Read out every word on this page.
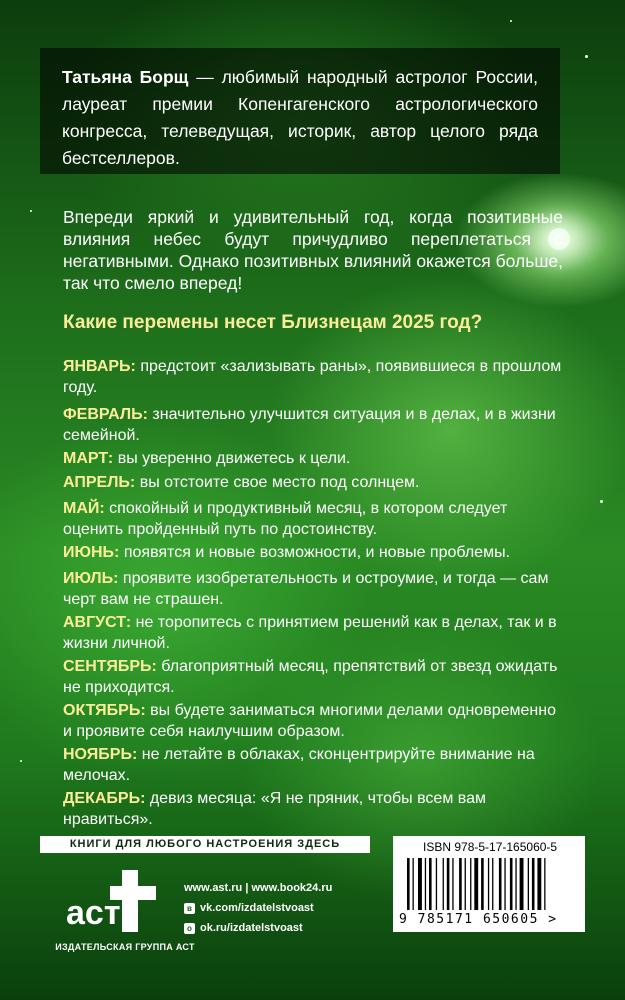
Татьяна Борщ — любимый народный астролог России, лауреат премии Копенгагенского астрологического конгресса, телеведущая, историк, автор целого ряда бестселлеров.
Впереди яркий и удивительный год, когда позитивные влияния небес будут причудливо переплетаться с негативными. Однако позитивных влияний окажется больше, так что смело вперед!
Какие перемены несет Близнецам 2025 год?
ЯНВАРЬ: предстоит «зализывать раны», появившиеся в прошлом году.
ФЕВРАЛЬ: значительно улучшится ситуация и в делах, и в жизни семейной.
МАРТ: вы уверенно движетесь к цели.
АПРЕЛЬ: вы отстоите свое место под солнцем.
МАЙ: спокойный и продуктивный месяц, в котором следует оценить пройденный путь по достоинству.
ИЮНЬ: появятся и новые возможности, и новые проблемы.
ИЮЛЬ: проявите изобретательность и остроумие, и тогда — сам черт вам не страшен.
АВГУСТ: не торопитесь с принятием решений как в делах, так и в жизни личной.
СЕНТЯБРЬ: благоприятный месяц, препятствий от звезд ожидать не приходится.
ОКТЯБРЬ: вы будете заниматься многими делами одновременно и проявите себя наилучшим образом.
НОЯБРЬ: не летайте в облаках, сконцентрируйте внимание на мелочах.
ДЕКАБРЬ: девиз месяца: «Я не пряник, чтобы всем вам нравиться».
КНИГИ ДЛЯ ЛЮБОГО НАСТРОЕНИЯ ЗДЕСЬ
аст
ИЗДАТЕЛЬСКАЯ ГРУППА АСТ
www.ast.ru | www.book24.ru
в vk.com/izdatelstvoast
о ok.ru/izdatelstvoast
ISBN 978-5-17-165060-5
9 785171 650605 >
